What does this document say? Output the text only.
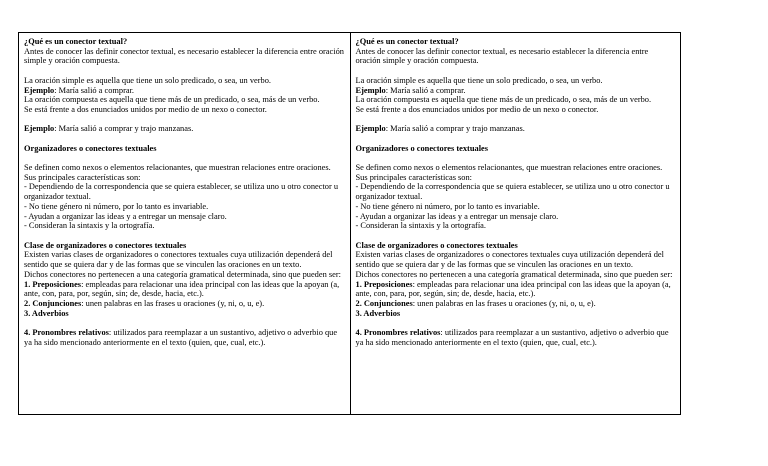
¿Qué es un conector textual?

Antes de conocer las definir conector textual, es necesario establecer la diferencia entre oración simple y oración compuesta.

La oración simple es aquella que tiene un solo predicado, o sea, un verbo.

Ejemplo: María salió a comprar.

La oración compuesta es aquella que tiene más de un predicado, o sea, más de un verbo.

Se está frente a dos enunciados unidos por medio de un nexo o conector.

Ejemplo: María salió a comprar y trajo manzanas.

Organizadores o conectores textuales

Se definen como nexos o elementos relacionantes, que muestran relaciones entre oraciones.

Sus principales características son:

- Dependiendo de la correspondencia que se quiera establecer, se utiliza uno u otro conector u organizador textual.

- No tiene género ni número, por lo tanto es invariable.

- Ayudan a organizar las ideas y a entregar un mensaje claro.

- Consideran la sintaxis y la ortografía.

Clase de organizadores o conectores textuales

Existen varias clases de organizadores o conectores textuales cuya utilización dependerá del sentido que se quiera dar y de las formas que se vinculen las oraciones en un texto.

Dichos conectores no pertenecen a una categoría gramatical determinada, sino que pueden ser:

1. Preposiciones: empleadas para relacionar una idea principal con las ideas que la apoyan (a, ante, con, para, por, según, sin; de, desde, hacia, etc.).

2. Conjunciones: unen palabras en las frases u oraciones (y, ni, o, u, e).

3. Adverbios

4. Pronombres relativos: utilizados para reemplazar a un sustantivo, adjetivo o adverbio que ya ha sido mencionado anteriormente en el texto (quien, que, cual, etc.).

¿Qué es un conector textual?

Antes de conocer las definir conector textual, es necesario establecer la diferencia entre oración simple y oración compuesta.

La oración simple es aquella que tiene un solo predicado, o sea, un verbo.

Ejemplo: María salió a comprar.

La oración compuesta es aquella que tiene más de un predicado, o sea, más de un verbo.

Se está frente a dos enunciados unidos por medio de un nexo o conector.

Ejemplo: María salió a comprar y trajo manzanas.

Organizadores o conectores textuales

Se definen como nexos o elementos relacionantes, que muestran relaciones entre oraciones.

Sus principales características son:

- Dependiendo de la correspondencia que se quiera establecer, se utiliza uno u otro conector u organizador textual.

- No tiene género ni número, por lo tanto es invariable.

- Ayudan a organizar las ideas y a entregar un mensaje claro.

- Consideran la sintaxis y la ortografía.

Clase de organizadores o conectores textuales

Existen varias clases de organizadores o conectores textuales cuya utilización dependerá del sentido que se quiera dar y de las formas que se vinculen las oraciones en un texto.

Dichos conectores no pertenecen a una categoría gramatical determinada, sino que pueden ser:

1. Preposiciones: empleadas para relacionar una idea principal con las ideas que la apoyan (a, ante, con, para, por, según, sin; de, desde, hacia, etc.).

2. Conjunciones: unen palabras en las frases u oraciones (y, ni, o, u, e).

3. Adverbios

4. Pronombres relativos: utilizados para reemplazar a un sustantivo, adjetivo o adverbio que ya ha sido mencionado anteriormente en el texto (quien, que, cual, etc.).
